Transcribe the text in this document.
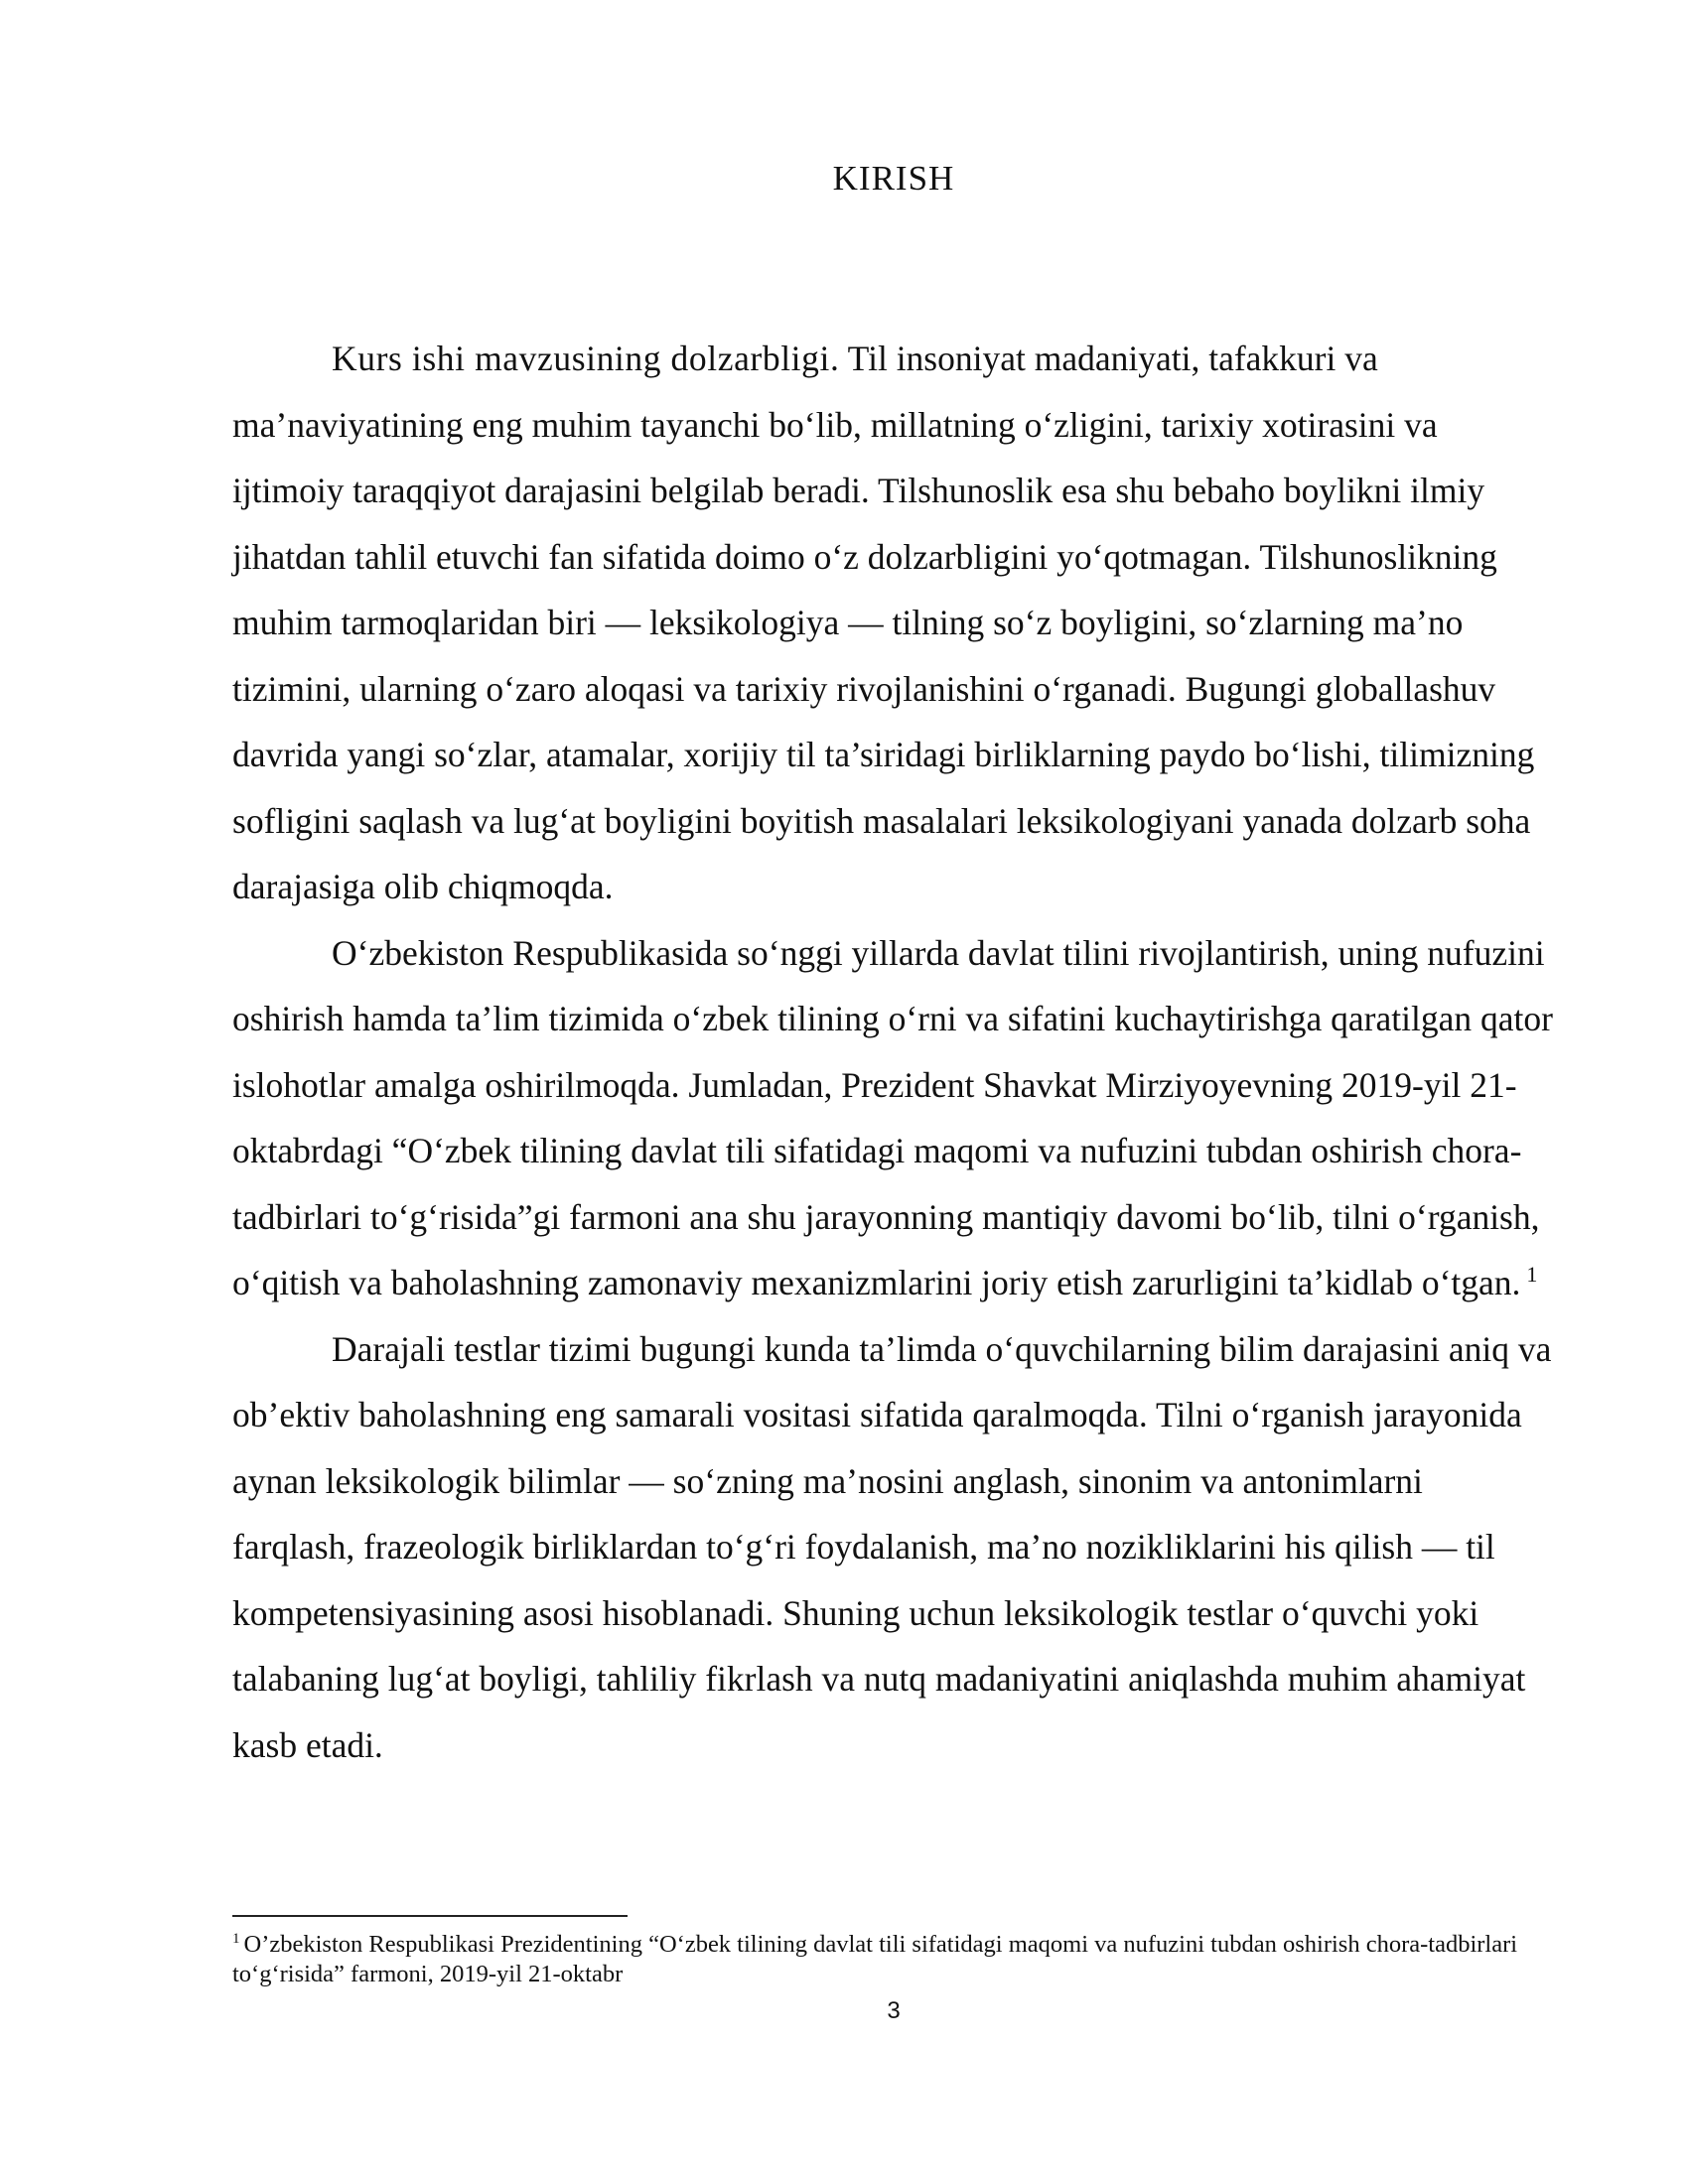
KIRISH

Kurs ishi mavzusining dolzarbligi. Til insoniyat madaniyati, tafakkuri va ma’naviyatining eng muhim tayanchi bo‘lib, millatning o‘zligini, tarixiy xotirasini va ijtimoiy taraqqiyot darajasini belgilab beradi. Tilshunoslik esa shu bebaho boylikni ilmiy jihatdan tahlil etuvchi fan sifatida doimo o‘z dolzarbligini yo‘qotmagan. Tilshunoslikning muhim tarmoqlaridan biri — leksikologiya — tilning so‘z boyligini, so‘zlarning ma’no tizimini, ularning o‘zaro aloqasi va tarixiy rivojlanishini o‘rganadi. Bugungi globallashuv davrida yangi so‘zlar, atamalar, xorijiy til ta’siridagi birliklarning paydo bo‘lishi, tilimizning sofligini saqlash va lug‘at boyligini boyitish masalalari leksikologiyani yanada dolzarb soha darajasiga olib chiqmoqda.

O‘zbekiston Respublikasida so‘nggi yillarda davlat tilini rivojlantirish, uning nufuzini oshirish hamda ta’lim tizimida o‘zbek tilining o‘rni va sifatini kuchaytirishga qaratilgan qator islohotlar amalga oshirilmoqda. Jumladan, Prezident Shavkat Mirziyoyevning 2019-yil 21-oktabrdagi “O‘zbek tilining davlat tili sifatidagi maqomi va nufuzini tubdan oshirish chora-tadbirlari to‘g‘risida”gi farmoni ana shu jarayonning mantiqiy davomi bo‘lib, tilni o‘rganish, o‘qitish va baholashning zamonaviy mexanizmlarini joriy etish zarurligini ta’kidlab o‘tgan. $^1$

Darajali testlar tizimi bugungi kunda ta’limda o‘quvchilarning bilim darajasini aniq va ob’ektiv baholashning eng samarali vositasi sifatida qaralmoqda. Tilni o‘rganish jarayonida aynan leksikologik bilimlar — so‘zning ma’nosini anglash, sinonim va antonimlarni farqlash, frazeologik birliklardan to‘g‘ri foydalanish, ma’no nozikliklarini his qilish — til kompetensiyasining asosi hisoblanadi. Shuning uchun leksikologik testlar o‘quvchi yoki talabaning lug‘at boyligi, tahliliy fikrlash va nutq madaniyatini aniqlashda muhim ahamiyat kasb etadi.

$^1$ O’zbekiston Respublikasi Prezidentining “O‘zbek tilining davlat tili sifatidagi maqomi va nufuzini tubdan oshirish chora-tadbirlari to‘g‘risida” farmoni, 2019-yil 21-oktabr

3
